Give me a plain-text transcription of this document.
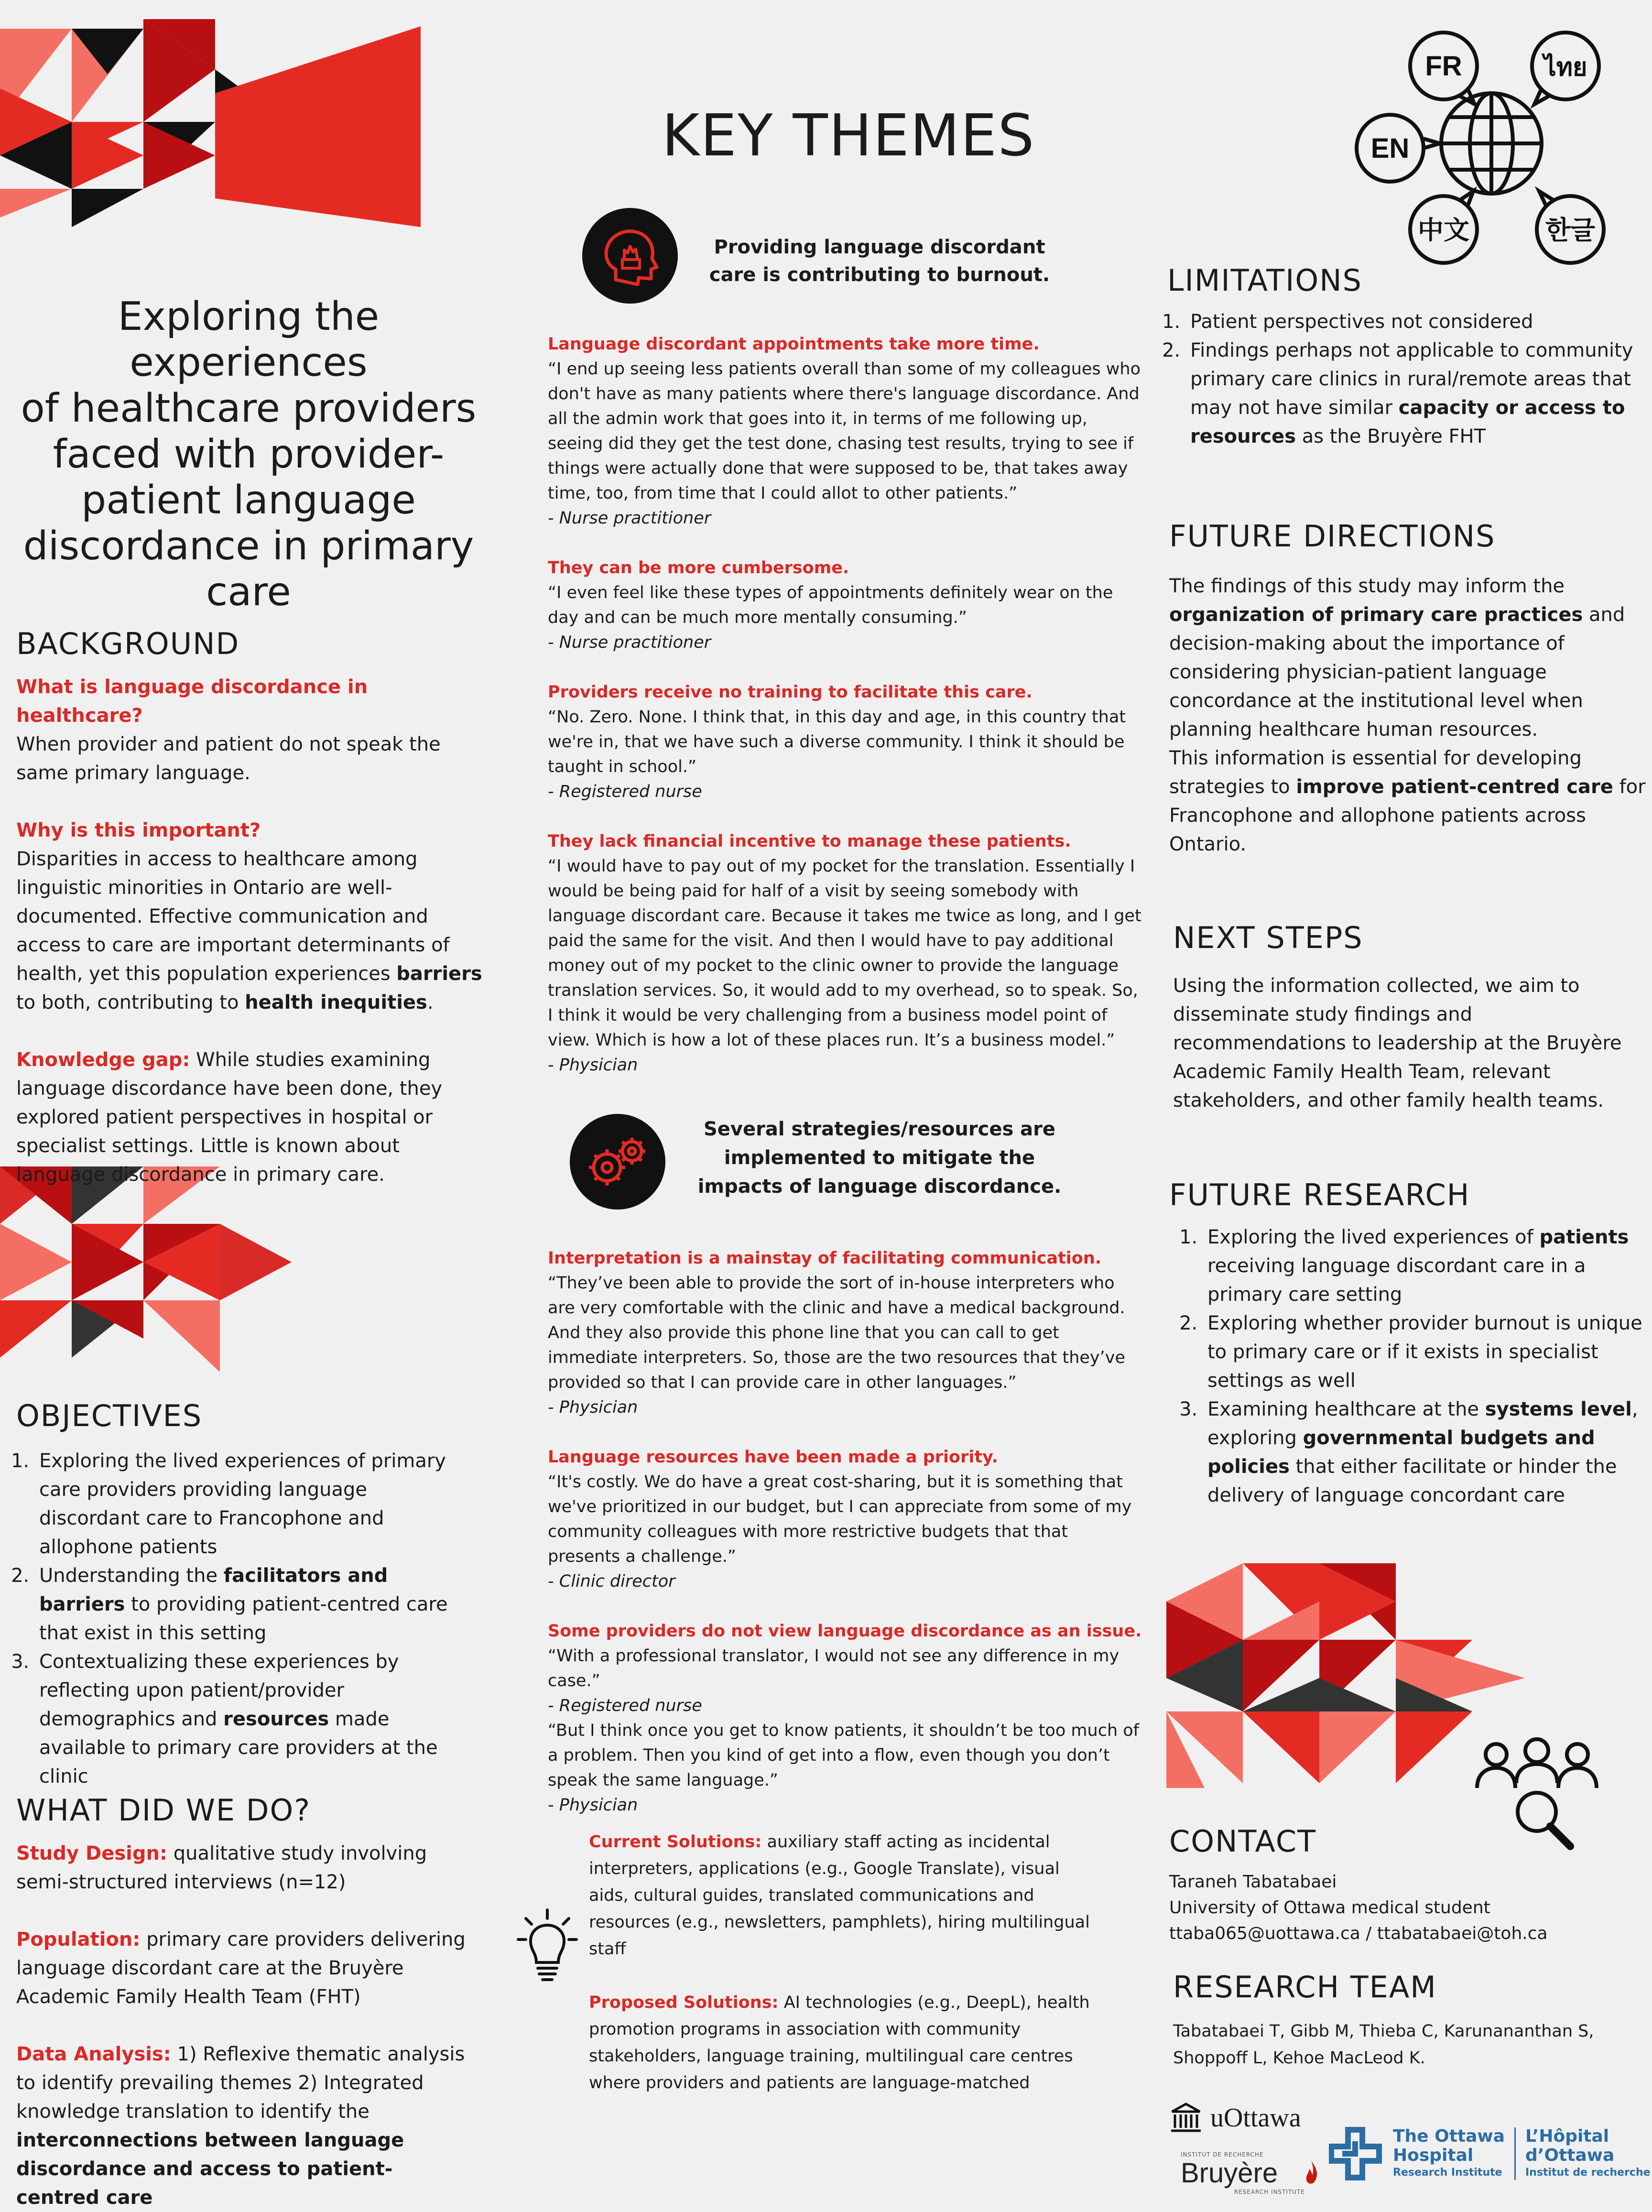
Exploring the experiences
of healthcare providers
faced with provider-
patient language
discordance in primary
care
BACKGROUND
What is language discordance in healthcare?
When provider and patient do not speak the same primary language.
Why is this important?
Disparities in access to healthcare among linguistic minorities in Ontario are well-documented. Effective communication and access to care are important determinants of health, yet this population experiences barriers to both, contributing to health inequities.
Knowledge gap: While studies examining language discordance have been done, they explored patient perspectives in hospital or specialist settings. Little is known about language discordance in primary care.
OBJECTIVES
1. Exploring the lived experiences of primary care providers providing language discordant care to Francophone and allophone patients
2. Understanding the facilitators and barriers to providing patient-centred care that exist in this setting
3. Contextualizing these experiences by reflecting upon patient/provider demographics and resources made available to primary care providers at the clinic
WHAT DID WE DO?
Study Design: qualitative study involving semi-structured interviews (n=12)
Population: primary care providers delivering language discordant care at the Bruyère Academic Family Health Team (FHT)
Data Analysis: 1) Reflexive thematic analysis to identify prevailing themes 2) Integrated knowledge translation to identify the interconnections between language discordance and access to patient-centred care
KEY THEMES
Providing language discordant care is contributing to burnout.
Language discordant appointments take more time.
“I end up seeing less patients overall than some of my colleagues who don't have as many patients where there's language discordance. And all the admin work that goes into it, in terms of me following up, seeing did they get the test done, chasing test results, trying to see if things were actually done that were supposed to be, that takes away time, too, from time that I could allot to other patients.”
- Nurse practitioner
They can be more cumbersome.
“I even feel like these types of appointments definitely wear on the day and can be much more mentally consuming.”
- Nurse practitioner
Providers receive no training to facilitate this care.
“No. Zero. None. I think that, in this day and age, in this country that we're in, that we have such a diverse community. I think it should be taught in school.”
- Registered nurse
They lack financial incentive to manage these patients.
“I would have to pay out of my pocket for the translation. Essentially I would be being paid for half of a visit by seeing somebody with language discordant care. Because it takes me twice as long, and I get paid the same for the visit. And then I would have to pay additional money out of my pocket to the clinic owner to provide the language translation services. So, it would add to my overhead, so to speak. So, I think it would be very challenging from a business model point of view. Which is how a lot of these places run. It’s a business model.”
- Physician
Several strategies/resources are implemented to mitigate the impacts of language discordance.
Interpretation is a mainstay of facilitating communication.
“They’ve been able to provide the sort of in-house interpreters who are very comfortable with the clinic and have a medical background. And they also provide this phone line that you can call to get immediate interpreters. So, those are the two resources that they’ve provided so that I can provide care in other languages.”
- Physician
Language resources have been made a priority.
“It's costly. We do have a great cost-sharing, but it is something that we've prioritized in our budget, but I can appreciate from some of my community colleagues with more restrictive budgets that that presents a challenge.”
- Clinic director
Some providers do not view language discordance as an issue.
“With a professional translator, I would not see any difference in my case.”
- Registered nurse
“But I think once you get to know patients, it shouldn’t be too much of a problem. Then you kind of get into a flow, even though you don’t speak the same language.”
- Physician
Current Solutions: auxiliary staff acting as incidental interpreters, applications (e.g., Google Translate), visual aids, cultural guides, translated communications and resources (e.g., newsletters, pamphlets), hiring multilingual staff
Proposed Solutions: AI technologies (e.g., DeepL), health promotion programs in association with community stakeholders, language training, multilingual care centres where providers and patients are language-matched
FR	ไทย
EN
中文	한글
LIMITATIONS
1. Patient perspectives not considered
2. Findings perhaps not applicable to community primary care clinics in rural/remote areas that may not have similar capacity or access to resources as the Bruyère FHT
FUTURE DIRECTIONS
The findings of this study may inform the organization of primary care practices and decision-making about the importance of considering physician-patient language concordance at the institutional level when planning healthcare human resources.
This information is essential for developing strategies to improve patient-centred care for Francophone and allophone patients across Ontario.
NEXT STEPS
Using the information collected, we aim to disseminate study findings and recommendations to leadership at the Bruyère Academic Family Health Team, relevant stakeholders, and other family health teams.
FUTURE RESEARCH
1. Exploring the lived experiences of patients receiving language discordant care in a primary care setting
2. Exploring whether provider burnout is unique to primary care or if it exists in specialist settings as well
3. Examining healthcare at the systems level, exploring governmental budgets and policies that either facilitate or hinder the delivery of language concordant care
CONTACT
Taraneh Tabatabaei
University of Ottawa medical student
ttaba065@uottawa.ca / ttabatabaei@toh.ca
RESEARCH TEAM
Tabatabaei T, Gibb M, Thieba C, Karunananthan S,
Shoppoff L, Kehoe MacLeod K.
uOttawa
INSTITUT DE RECHERCHE
Bruyère
RESEARCH INSTITUTE
The Ottawa
Hospital
Research Institute
L’Hôpital
d’Ottawa
Institut de recherche
